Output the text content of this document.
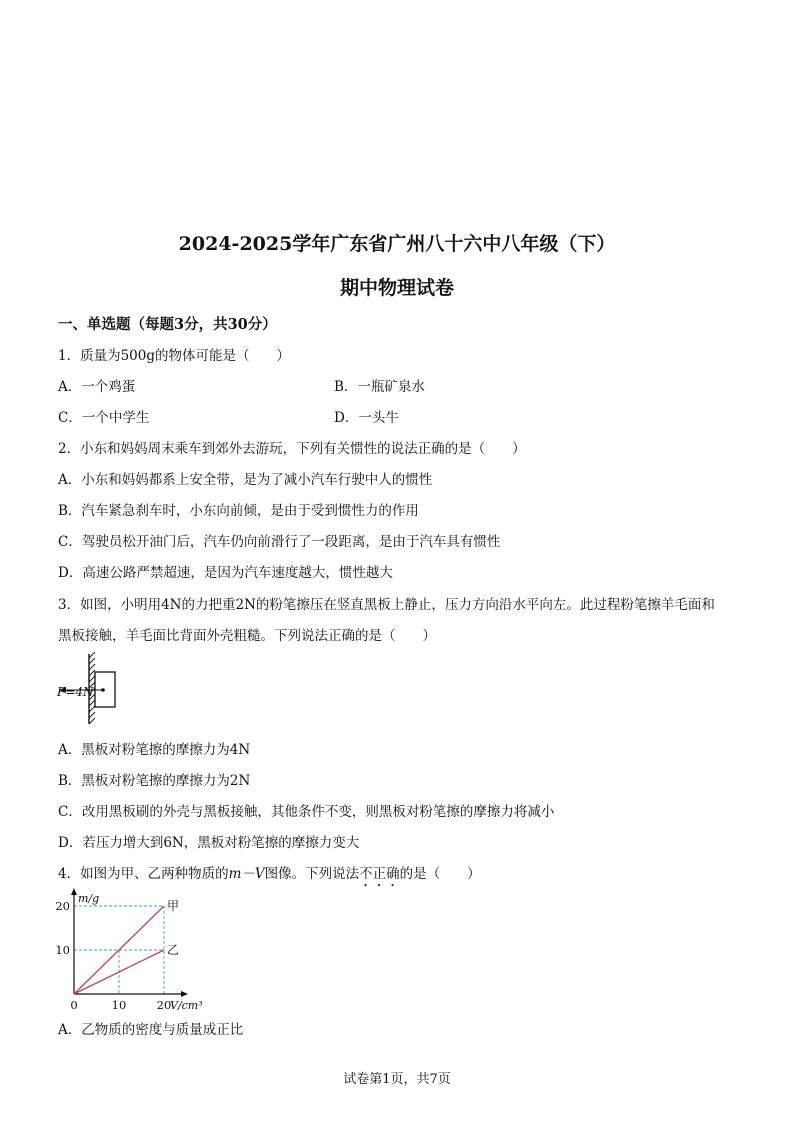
2024-2025学年广东省广州八十六中八年级（下）
期中物理试卷
一、单选题（每题3分，共30分）
1．质量为500g的物体可能是（　　）
A．一个鸡蛋	B．一瓶矿泉水
C．一个中学生	D．一头牛
2．小东和妈妈周末乘车到郊外去游玩，下列有关惯性的说法正确的是（　　）
A．小东和妈妈都系上安全带，是为了减小汽车行驶中人的惯性
B．汽车紧急刹车时，小东向前倾，是由于受到惯性力的作用
C．驾驶员松开油门后，汽车仍向前滑行了一段距离，是由于汽车具有惯性
D．高速公路严禁超速，是因为汽车速度越大，惯性越大
3．如图，小明用4N的力把重2N的粉笔擦压在竖直黑板上静止，压力方向沿水平向左。此过程粉笔擦羊毛面和
黑板接触，羊毛面比背面外壳粗糙。下列说法正确的是（　　）
F=4N
A．黑板对粉笔擦的摩擦力为4N
B．黑板对粉笔擦的摩擦力为2N
C．改用黑板刷的外壳与黑板接触，其他条件不变，则黑板对粉笔擦的摩擦力将减小
D．若压力增大到6N，黑板对粉笔擦的摩擦力变大
4．如图为甲、乙两种物质的m－V图像。下列说法不正确的是（　　）
甲
乙
0	10	20
10
20
V/cm³
m/g
A．乙物质的密度与质量成正比
试卷第1页，共7页
